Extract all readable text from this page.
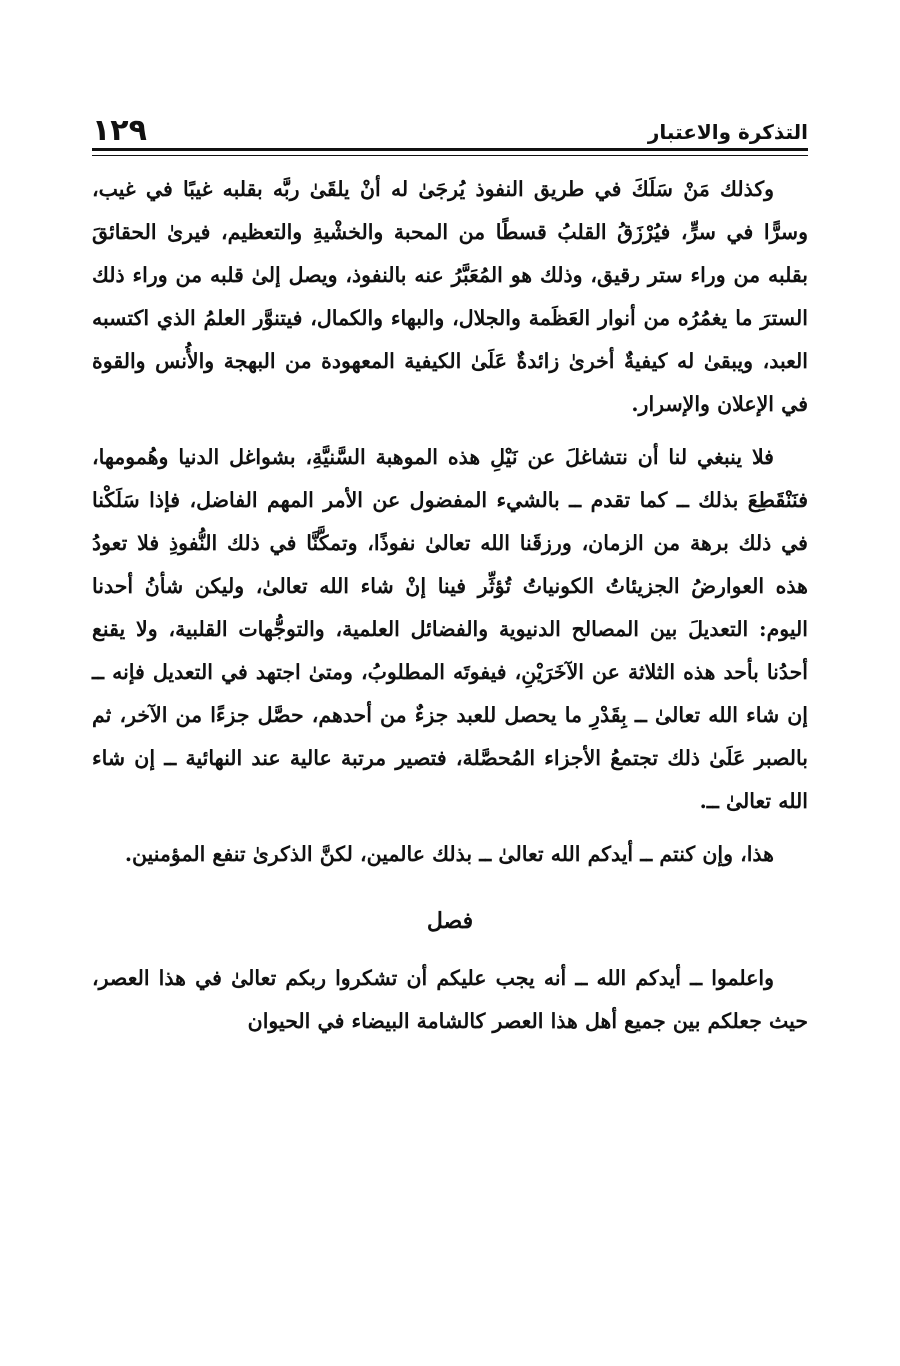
التذكرة والاعتبار
١٢٩

وكذلك مَنْ سَلَكَ في طريق النفوذ يُرجَىٰ له أنْ يلقَىٰ ربَّه بقلبه غيبًا في غيب، وسرًّا في سرٍّ، فيُرْزَقُ القلبُ قسطًا من المحبة والخشْيةِ والتعظيم، فيرىٰ الحقائقَ بقلبه من وراء ستر رقيق، وذلك هو المُعَبَّرُ عنه بالنفوذ، ويصل إلىٰ قلبه من وراء ذلك السترَ ما يغمُرُه من أنوار العَظَمة والجلال، والبهاء والكمال، فيتنوَّر العلمُ الذي اكتسبه العبد، ويبقىٰ له كيفيةٌ أخرىٰ زائدةٌ عَلَىٰ الكيفية المعهودة من البهجة والأُنس والقوة في الإعلان والإسرار.

فلا ينبغي لنا أن نتشاغلَ عن نَيْلِ هذه الموهبة السَّنيَّةِ، بشواغل الدنيا وهُمومها، فنَنْقَطِعَ بذلك ــ كما تقدم ــ بالشيء المفضول عن الأمر المهم الفاضل، فإذا سَلَكْنا في ذلك برهة من الزمان، ورزقَنا الله تعالىٰ نفوذًا، وتمكَّنَّا في ذلك النُّفوذِ فلا تعودُ هذه العوارضُ الجزيئاتُ الكونياتُ تُؤثِّر فينا إنْ شاء الله تعالىٰ، وليكن شأنُ أحدنا اليوم: التعديلَ بين المصالح الدنيوية والفضائل العلمية، والتوجُّهات القلبية، ولا يقنع أحدُنا بأحد هذه الثلاثة عن الآخَرَيْنِ، فيفوتَه المطلوبُ، ومتىٰ اجتهد في التعديل فإنه ــ إن شاء الله تعالىٰ ــ بِقَدْرِ ما يحصل للعبد جزءٌ من أحدهم، حصَّل جزءًا من الآخر، ثم بالصبر عَلَىٰ ذلك تجتمعُ الأجزاء المُحصَّلة، فتصير مرتبة عالية عند النهائية ــ إن شاء الله تعالىٰ ــ.

هذا، وإن كنتم ــ أيدكم الله تعالىٰ ــ بذلك عالمين، لكنَّ الذكرىٰ تنفع المؤمنين.

فصل

واعلموا ــ أيدكم الله ــ أنه يجب عليكم أن تشكروا ربكم تعالىٰ في هذا العصر، حيث جعلكم بين جميع أهل هذا العصر كالشامة البيضاء في الحيوان
